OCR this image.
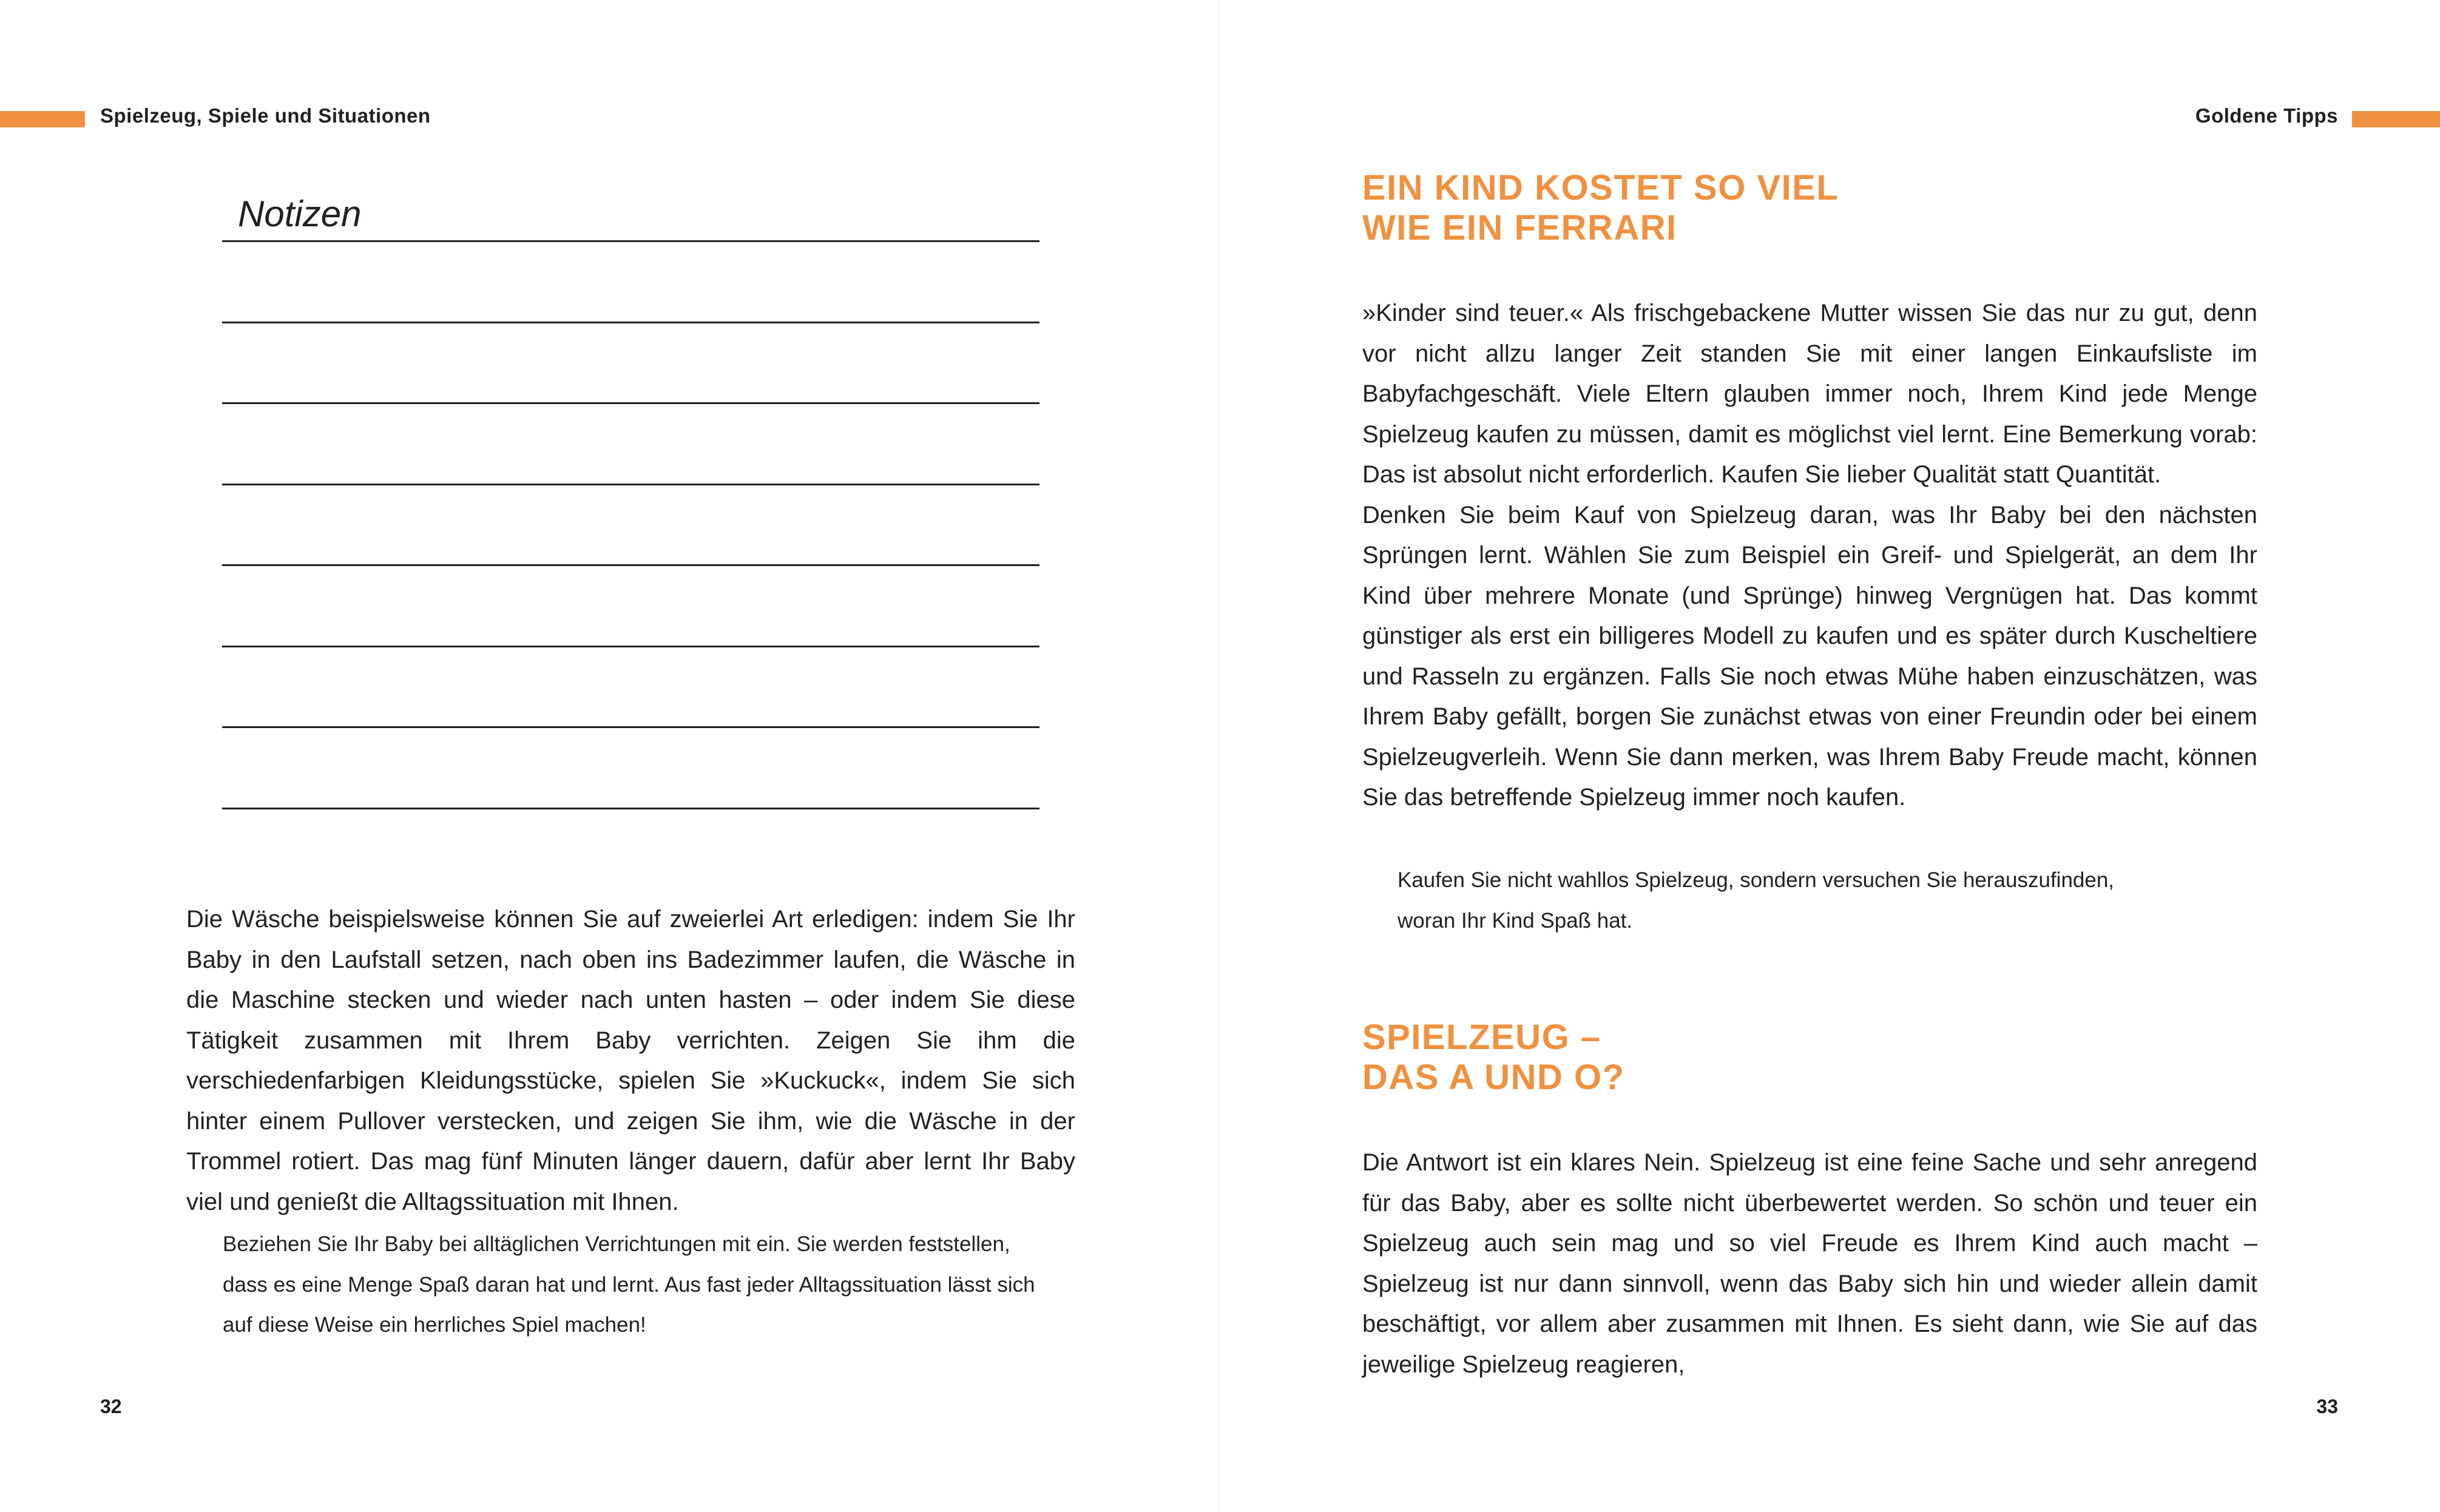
Spielzeug, Spiele und Situationen
Notizen
Die Wäsche beispielsweise können Sie auf zweierlei Art erledigen: indem Sie Ihr Baby in den Laufstall setzen, nach oben ins Badezimmer laufen, die Wäsche in die Maschine stecken und wieder nach unten hasten – oder indem Sie diese Tätigkeit zusammen mit Ihrem Baby verrichten. Zeigen Sie ihm die verschiedenfarbigen Kleidungsstücke, spielen Sie »Kuckuck«, indem Sie sich hinter einem Pullover verstecken, und zeigen Sie ihm, wie die Wäsche in der Trommel rotiert. Das mag fünf Minuten länger dauern, dafür aber lernt Ihr Baby viel und genießt die Alltagssituation mit Ihnen.
Beziehen Sie Ihr Baby bei alltäglichen Verrichtungen mit ein. Sie werden feststellen, dass es eine Menge Spaß daran hat und lernt. Aus fast jeder Alltagssituation lässt sich auf diese Weise ein herrliches Spiel machen!
32
Goldene Tipps
EIN KIND KOSTET SO VIEL
WIE EIN FERRARI

»Kinder sind teuer.« Als frischgebackene Mutter wissen Sie das nur zu gut, denn vor nicht allzu langer Zeit standen Sie mit einer langen Einkaufsliste im Babyfachgeschäft. Viele Eltern glauben immer noch, Ihrem Kind jede Menge Spielzeug kaufen zu müssen, damit es möglichst viel lernt. Eine Bemerkung vorab: Das ist absolut nicht erforderlich. Kaufen Sie lieber Qualität statt Quantität.

Denken Sie beim Kauf von Spielzeug daran, was Ihr Baby bei den nächsten Sprüngen lernt. Wählen Sie zum Beispiel ein Greif- und Spielgerät, an dem Ihr Kind über mehrere Monate (und Sprünge) hinweg Vergnügen hat. Das kommt günstiger als erst ein billigeres Modell zu kaufen und es später durch Kuscheltiere und Rasseln zu ergänzen. Falls Sie noch etwas Mühe haben einzuschätzen, was Ihrem Baby gefällt, borgen Sie zunächst etwas von einer Freundin oder bei einem Spielzeugverleih. Wenn Sie dann merken, was Ihrem Baby Freude macht, können Sie das betreffende Spielzeug immer noch kaufen.

Kaufen Sie nicht wahllos Spielzeug, sondern versuchen Sie herauszufinden, woran Ihr Kind Spaß hat.
SPIELZEUG –
DAS A UND O?
Die Antwort ist ein klares Nein. Spielzeug ist eine feine Sache und sehr anregend für das Baby, aber es sollte nicht überbewertet werden. So schön und teuer ein Spielzeug auch sein mag und so viel Freude es Ihrem Kind auch macht – Spielzeug ist nur dann sinnvoll, wenn das Baby sich hin und wieder allein damit beschäftigt, vor allem aber zusammen mit Ihnen. Es sieht dann, wie Sie auf das jeweilige Spielzeug reagieren,
33
